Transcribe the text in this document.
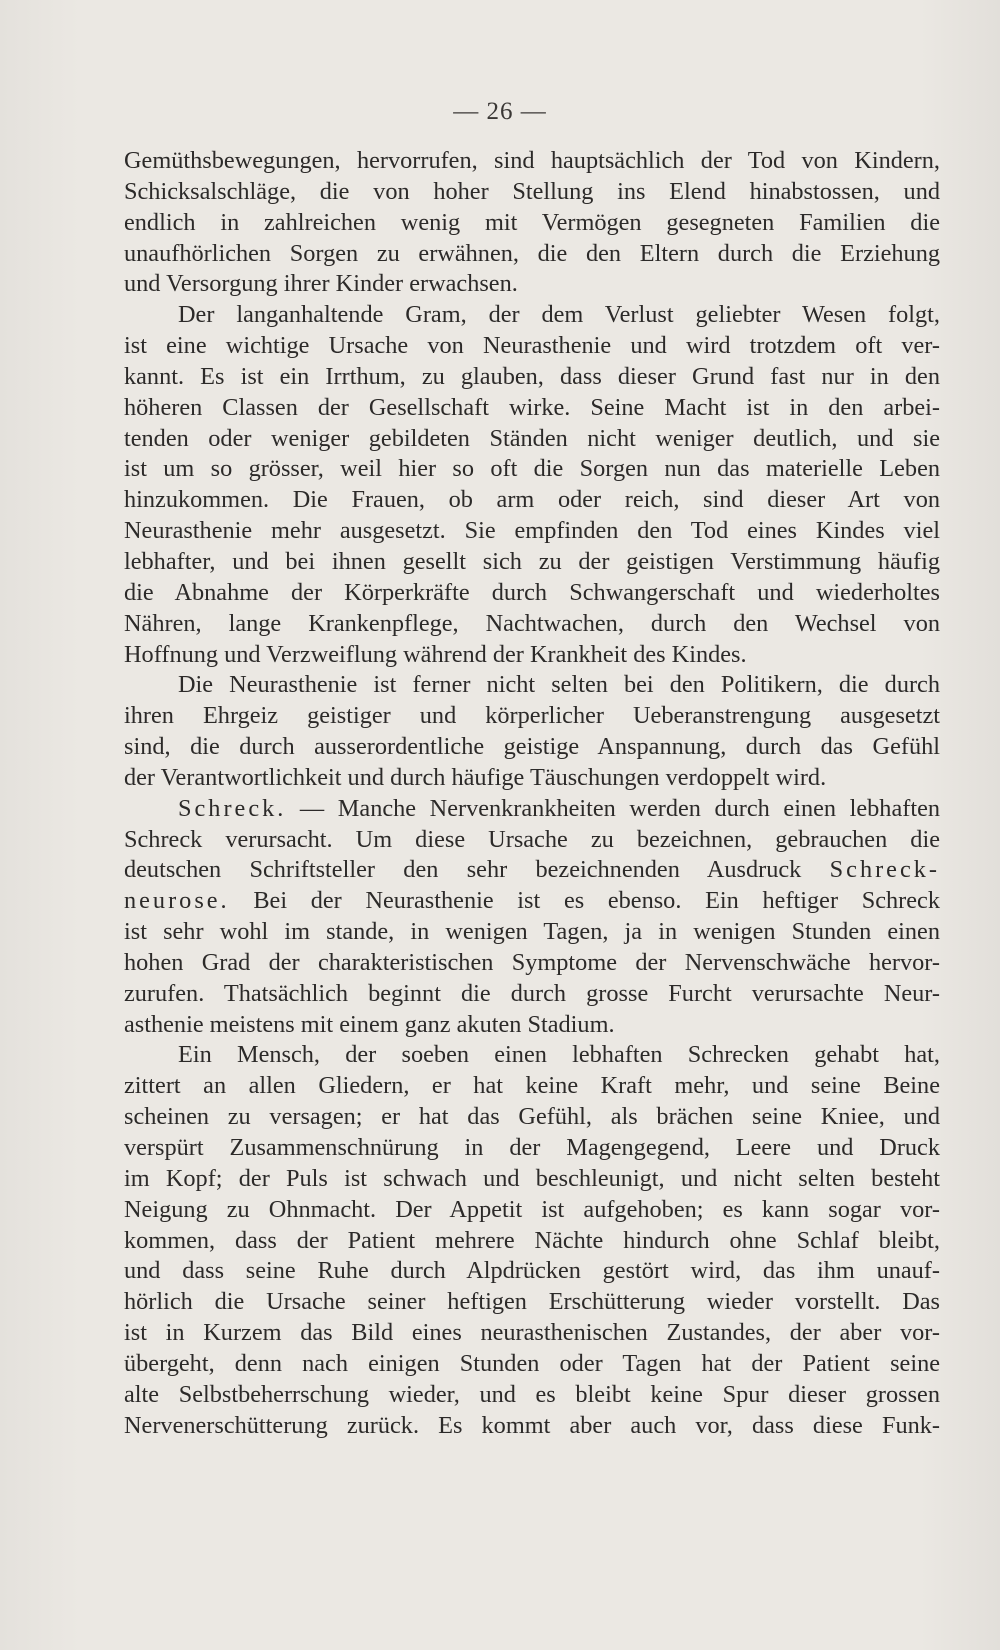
— 26 —
Gemüthsbewegungen, hervorrufen, sind hauptsächlich der Tod von Kindern,
Schicksalschläge, die von hoher Stellung ins Elend hinabstossen, und
endlich in zahlreichen wenig mit Vermögen gesegneten Familien die
unaufhörlichen Sorgen zu erwähnen, die den Eltern durch die Erziehung
und Versorgung ihrer Kinder erwachsen.
Der langanhaltende Gram, der dem Verlust geliebter Wesen folgt,
ist eine wichtige Ursache von Neurasthenie und wird trotzdem oft ver-
kannt. Es ist ein Irrthum, zu glauben, dass dieser Grund fast nur in den
höheren Classen der Gesellschaft wirke. Seine Macht ist in den arbei-
tenden oder weniger gebildeten Ständen nicht weniger deutlich, und sie
ist um so grösser, weil hier so oft die Sorgen nun das materielle Leben
hinzukommen. Die Frauen, ob arm oder reich, sind dieser Art von
Neurasthenie mehr ausgesetzt. Sie empfinden den Tod eines Kindes viel
lebhafter, und bei ihnen gesellt sich zu der geistigen Verstimmung häufig
die Abnahme der Körperkräfte durch Schwangerschaft und wiederholtes
Nähren, lange Krankenpflege, Nachtwachen, durch den Wechsel von
Hoffnung und Verzweiflung während der Krankheit des Kindes.
Die Neurasthenie ist ferner nicht selten bei den Politikern, die durch
ihren Ehrgeiz geistiger und körperlicher Ueberanstrengung ausgesetzt
sind, die durch ausserordentliche geistige Anspannung, durch das Gefühl
der Verantwortlichkeit und durch häufige Täuschungen verdoppelt wird.
Schreck. — Manche Nervenkrankheiten werden durch einen lebhaften
Schreck verursacht. Um diese Ursache zu bezeichnen, gebrauchen die
deutschen Schriftsteller den sehr bezeichnenden Ausdruck Schreck-
neurose. Bei der Neurasthenie ist es ebenso. Ein heftiger Schreck
ist sehr wohl im stande, in wenigen Tagen, ja in wenigen Stunden einen
hohen Grad der charakteristischen Symptome der Nervenschwäche hervor-
zurufen. Thatsächlich beginnt die durch grosse Furcht verursachte Neur-
asthenie meistens mit einem ganz akuten Stadium.
Ein Mensch, der soeben einen lebhaften Schrecken gehabt hat,
zittert an allen Gliedern, er hat keine Kraft mehr, und seine Beine
scheinen zu versagen; er hat das Gefühl, als brächen seine Kniee, und
verspürt Zusammenschnürung in der Magengegend, Leere und Druck
im Kopf; der Puls ist schwach und beschleunigt, und nicht selten besteht
Neigung zu Ohnmacht. Der Appetit ist aufgehoben; es kann sogar vor-
kommen, dass der Patient mehrere Nächte hindurch ohne Schlaf bleibt,
und dass seine Ruhe durch Alpdrücken gestört wird, das ihm unauf-
hörlich die Ursache seiner heftigen Erschütterung wieder vorstellt. Das
ist in Kurzem das Bild eines neurasthenischen Zustandes, der aber vor-
übergeht, denn nach einigen Stunden oder Tagen hat der Patient seine
alte Selbstbeherrschung wieder, und es bleibt keine Spur dieser grossen
Nervenerschütterung zurück. Es kommt aber auch vor, dass diese Funk-
